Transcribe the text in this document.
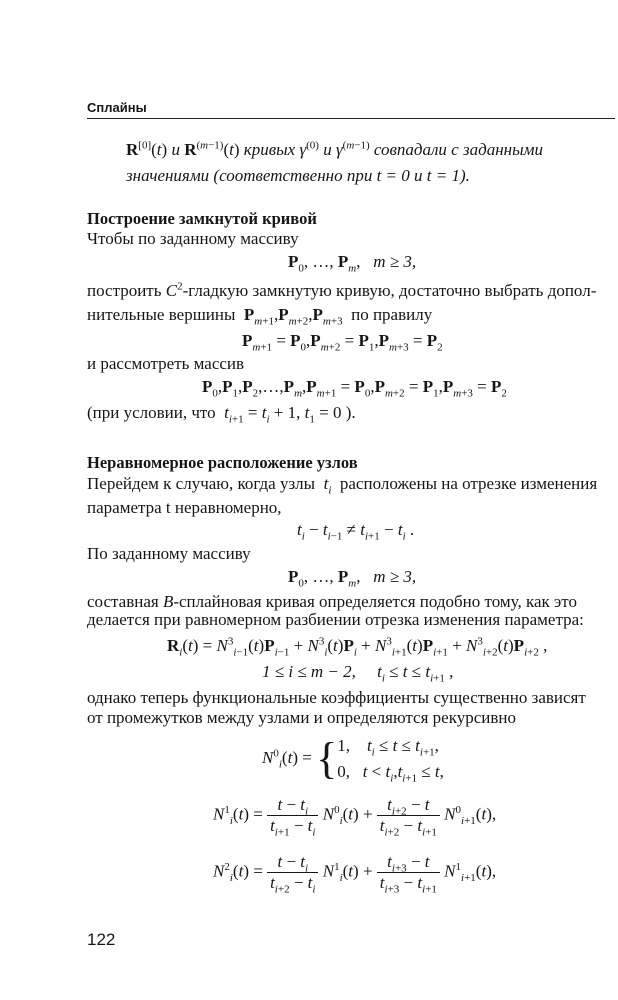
Сплайны
R[0](t) и $R^{(m-1)}(t)$ кривых $\gamma^{(0)}$ и $\gamma^{(m-1)}$ совпадали с заданными
значениями (соответственно при t = 0 и t = 1).
Построение замкнутой кривой
Чтобы по заданному массиву
$P_0$, …, $P_m$,   m ≥ 3,
построить $C^2$-гладкую замкнутую кривую, достаточно выбрать допол-
нительные вершины $P_{m+1},P_{m+2},P_{m+3}$ по правилу
$P_{m+1} = P_0,P_{m+2} = P_1,P_{m+3} = P_2$
и рассмотреть массив
$P_0,P_1,P_2,\dots,P_m,P_{m+1} = P_0,P_{m+2} = P_1,P_{m+3} = P_2$
(при условии, что $t_{i+1} = t_i + 1$, $t_1 = 0$ ).
Неравномерное расположение узлов
Перейдем к случаю, когда узлы $t_i$ расположены на отрезке изменения
параметра t неравномерно,
$t_i - t_{i-1} \ne t_{i+1} - t_i$ .
По заданному массиву
$P_0$, …, $P_m$,   m ≥ 3,
составная B-сплайновая кривая определяется подобно тому, как это
делается при равномерном разбиении отрезка изменения параметра:
$R_i(t) = N^3_{i-1}(t)P_{i-1} + N^3_i(t)P_i + N^3_{i+1}(t)P_{i+1} + N^3_{i+2}(t)P_{i+2}$ ,
1 ≤ i ≤ m − 2, $t_i \le t \le t_{i+1}$ ,
однако теперь функциональные коэффициенты существенно зависят
от промежутков между узлами и определяются рекурсивно
$N^0_i(t) = \{1$,    $t_i \le t \le t_{i+1}$,
0,   $t < t_i,t_{i+1} \le t$,
$N^1_i(t) = \frac{t - t_i}{t_{i+1} - t_i} N^0_i(t) + \frac{t_{i+2} - t}{t_{i+2} - t_{i+1}} N^0_{i+1}(t)$,
$N^2_i(t) = \frac{t - t_i}{t_{i+2} - t_i} N^1_i(t) + \frac{t_{i+3} - t}{t_{i+3} - t_{i+1}} N^1_{i+1}(t)$,
122
